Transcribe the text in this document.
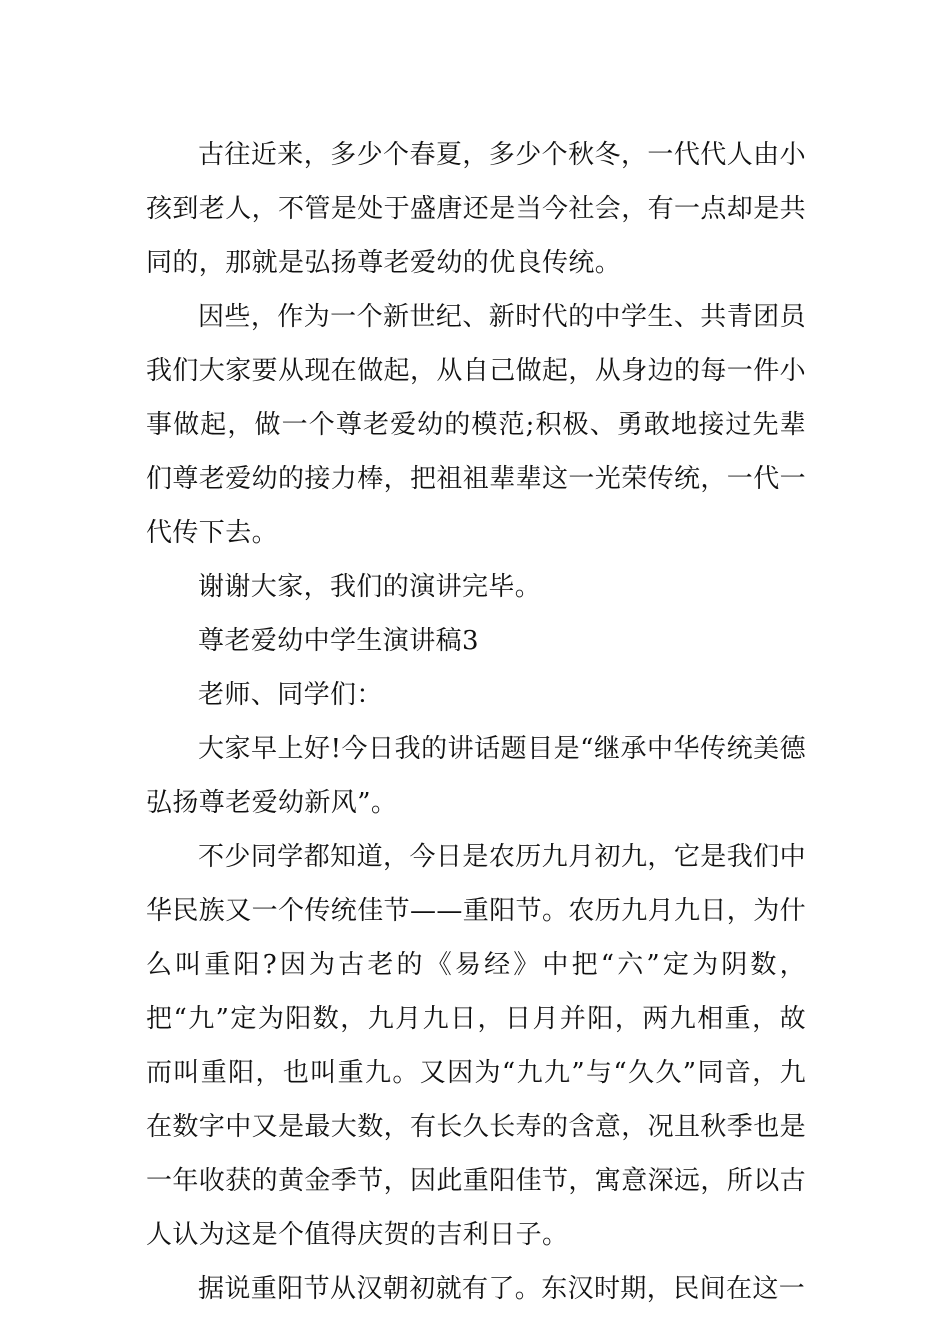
古往近来，多少个春夏，多少个秋冬，一代代人由小孩到老人，不管是处于盛唐还是当今社会，有一点却是共同的，那就是弘扬尊老爱幼的优良传统。

因些，作为一个新世纪、新时代的中学生、共青团员我们大家要从现在做起，从自己做起，从身边的每一件小事做起，做一个尊老爱幼的模范;积极、勇敢地接过先辈们尊老爱幼的接力棒，把祖祖辈辈这一光荣传统，一代一代传下去。

谢谢大家，我们的演讲完毕。

尊老爱幼中学生演讲稿3

老师、同学们：

大家早上好!今日我的讲话题目是“继承中华传统美德弘扬尊老爱幼新风”。

不少同学都知道，今日是农历九月初九，它是我们中华民族又一个传统佳节——重阳节。农历九月九日，为什么叫重阳?因为古老的《易经》中把“六”定为阴数，把“九”定为阳数，九月九日，日月并阳，两九相重，故而叫重阳，也叫重九。又因为“九九”与“久久”同音，九在数字中又是最大数，有长久长寿的含意，况且秋季也是一年收获的黄金季节，因此重阳佳节，寓意深远，所以古人认为这是个值得庆贺的吉利日子。

据说重阳节从汉朝初就有了。东汉时期，民间在这一
